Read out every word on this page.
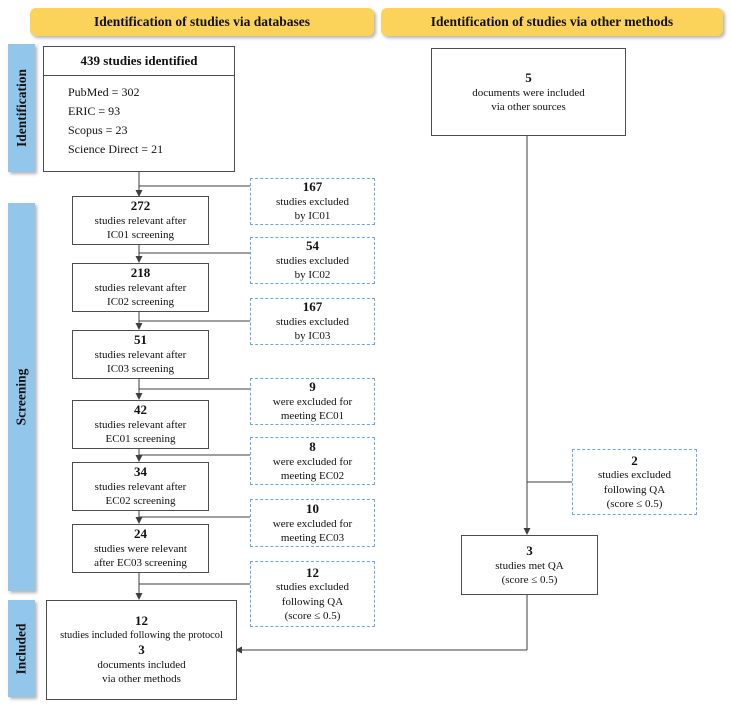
Identification of studies via databases	Identification of studies via other methods
Identification
Screening
Included
439 studies identified
PubMed = 302
ERIC = 93
Scopus = 23
Science Direct = 21
5
documents were included
via other sources
272
studies relevant after
IC01 screening
218
studies relevant after
IC02 screening
51
studies relevant after
IC03 screening
42
studies relevant after
EC01 screening
34
studies relevant after
EC02 screening
24
studies were relevant
after EC03 screening
167
studies excluded
by IC01
54
studies excluded
by IC02
167
studies excluded
by IC03
9
were excluded for
meeting EC01
8
were excluded for
meeting EC02
10
were excluded for
meeting EC03
12
studies excluded
following QA
(score ≤ 0.5)
2
studies excluded
following QA
(score ≤ 0.5)
3
studies met QA
(score ≤ 0.5)
12
studies included following the protocol
3
documents included
via other methods
